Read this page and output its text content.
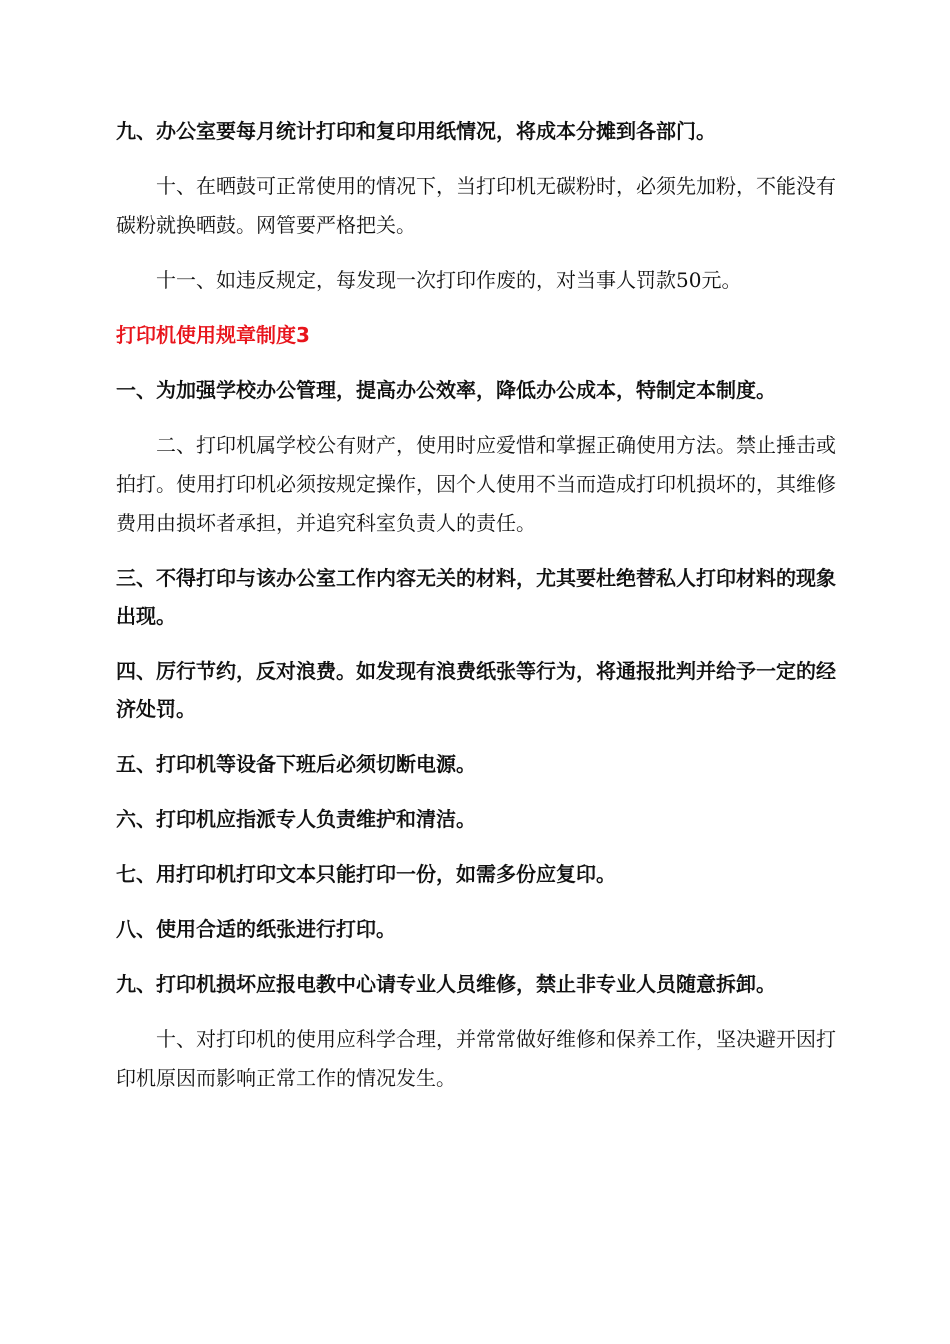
九、办公室要每月统计打印和复印用纸情况，将成本分摊到各部门。

十、在晒鼓可正常使用的情况下，当打印机无碳粉时，必须先加粉，不能没有碳粉就换晒鼓。网管要严格把关。

十一、如违反规定，每发现一次打印作废的，对当事人罚款50元。

打印机使用规章制度3

一、为加强学校办公管理，提高办公效率，降低办公成本，特制定本制度。

二、打印机属学校公有财产，使用时应爱惜和掌握正确使用方法。禁止捶击或拍打。使用打印机必须按规定操作，因个人使用不当而造成打印机损坏的，其维修费用由损坏者承担，并追究科室负责人的责任。

三、不得打印与该办公室工作内容无关的材料，尤其要杜绝替私人打印材料的现象出现。

四、厉行节约，反对浪费。如发现有浪费纸张等行为，将通报批判并给予一定的经济处罚。

五、打印机等设备下班后必须切断电源。

六、打印机应指派专人负责维护和清洁。

七、用打印机打印文本只能打印一份，如需多份应复印。

八、使用合适的纸张进行打印。

九、打印机损坏应报电教中心请专业人员维修，禁止非专业人员随意拆卸。

十、对打印机的使用应科学合理，并常常做好维修和保养工作，坚决避开因打印机原因而影响正常工作的情况发生。
